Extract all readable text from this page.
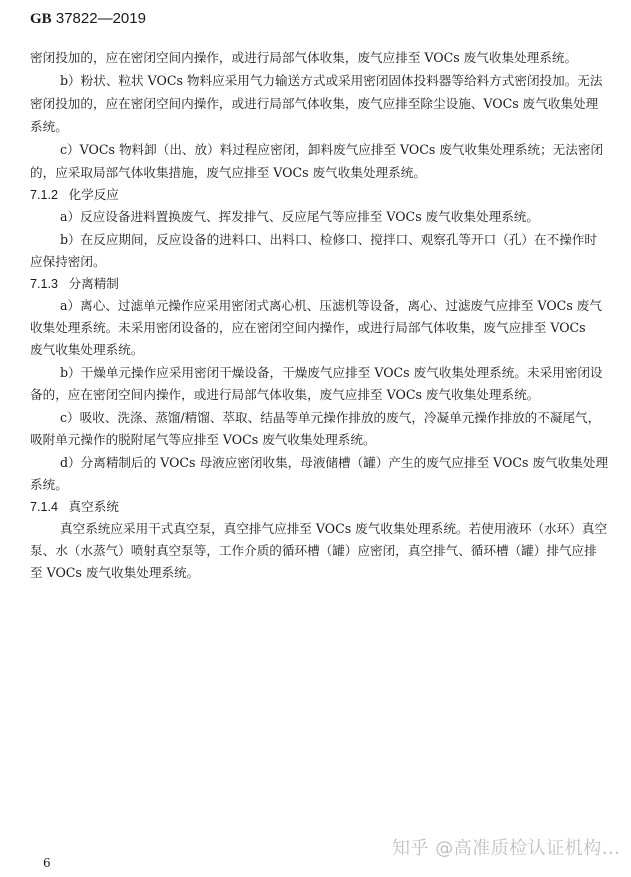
GB 37822—2019
密闭投加的，应在密闭空间内操作，或进行局部气体收集，废气应排至 VOCs 废气收集处理系统。
b）粉状、粒状 VOCs 物料应采用气力输送方式或采用密闭固体投料器等给料方式密闭投加。无法
密闭投加的，应在密闭空间内操作，或进行局部气体收集，废气应排至除尘设施、VOCs 废气收集处理
系统。
c）VOCs 物料卸（出、放）料过程应密闭，卸料废气应排至 VOCs 废气收集处理系统；无法密闭
的，应采取局部气体收集措施，废气应排至 VOCs 废气收集处理系统。
7.1.2 化学反应
a）反应设备进料置换废气、挥发排气、反应尾气等应排至 VOCs 废气收集处理系统。
b）在反应期间，反应设备的进料口、出料口、检修口、搅拌口、观察孔等开口（孔）在不操作时
应保持密闭。
7.1.3 分离精制
a）离心、过滤单元操作应采用密闭式离心机、压滤机等设备，离心、过滤废气应排至 VOCs 废气
收集处理系统。未采用密闭设备的，应在密闭空间内操作，或进行局部气体收集，废气应排至 VOCs
废气收集处理系统。
b）干燥单元操作应采用密闭干燥设备，干燥废气应排至 VOCs 废气收集处理系统。未采用密闭设
备的，应在密闭空间内操作，或进行局部气体收集，废气应排至 VOCs 废气收集处理系统。
c）吸收、洗涤、蒸馏/精馏、萃取、结晶等单元操作排放的废气，冷凝单元操作排放的不凝尾气，
吸附单元操作的脱附尾气等应排至 VOCs 废气收集处理系统。
d）分离精制后的 VOCs 母液应密闭收集，母液储槽（罐）产生的废气应排至 VOCs 废气收集处理
系统。
7.1.4 真空系统
真空系统应采用干式真空泵，真空排气应排至 VOCs 废气收集处理系统。若使用液环（水环）真空
泵、水（水蒸气）喷射真空泵等，工作介质的循环槽（罐）应密闭，真空排气、循环槽（罐）排气应排
至 VOCs 废气收集处理系统。
6
知乎 @高准质检认证机构...
